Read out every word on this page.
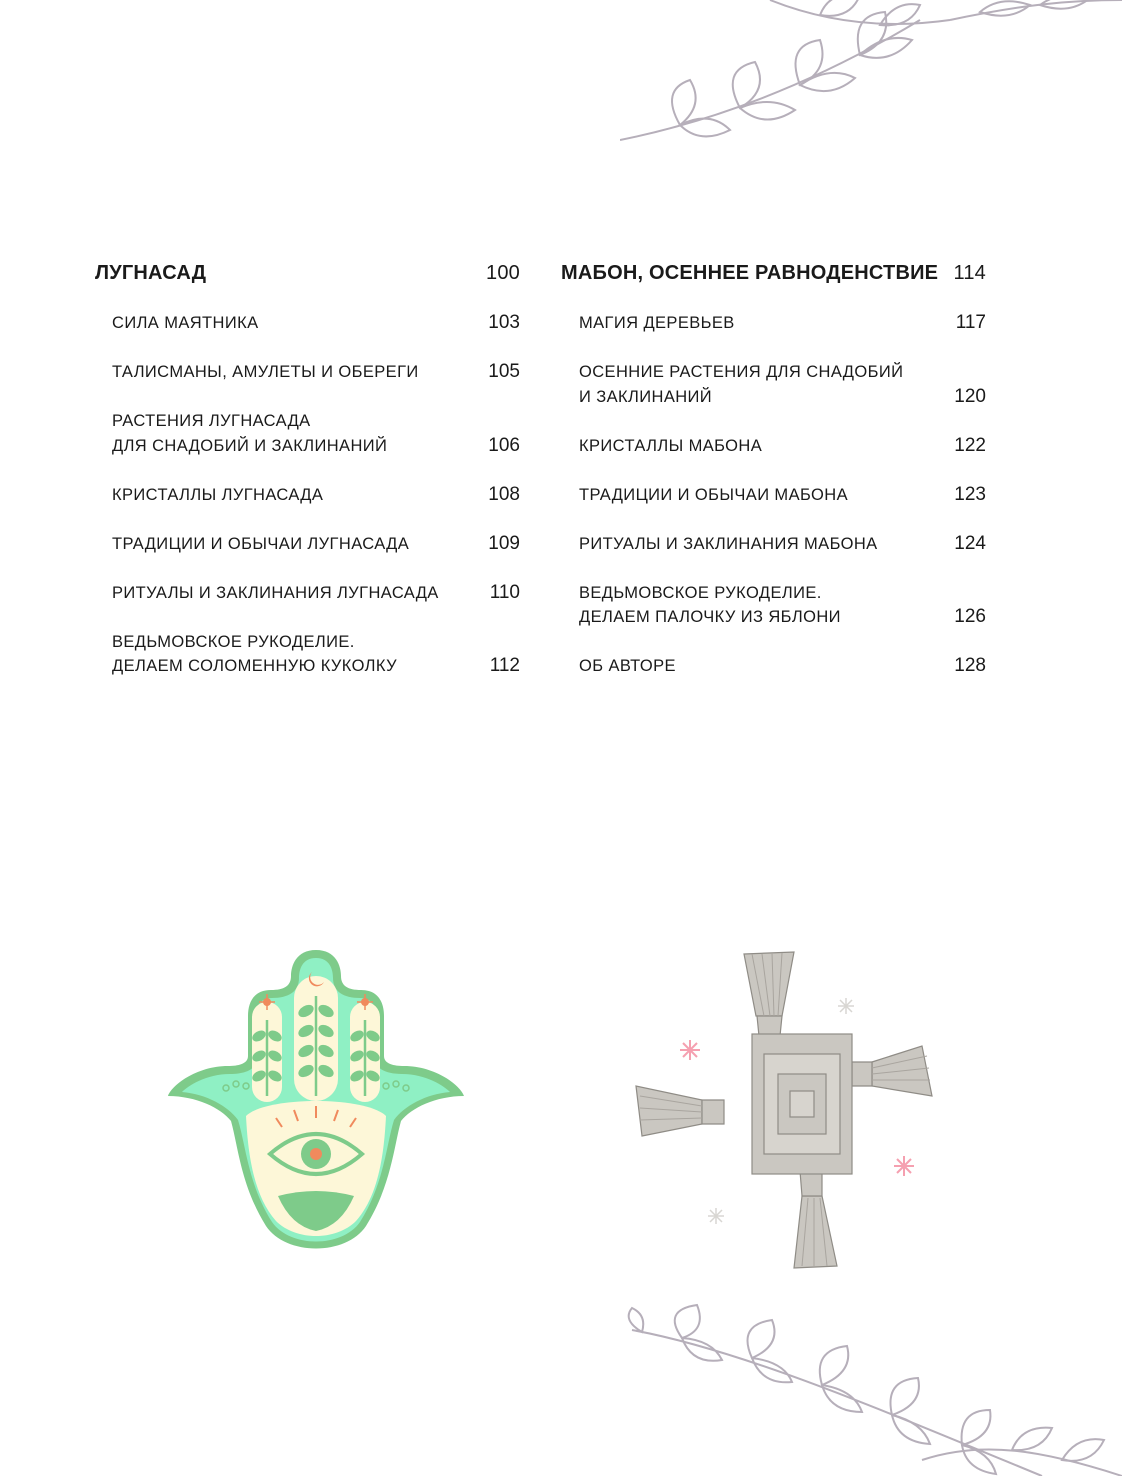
ЛУГНАСАД	100
СИЛА МАЯТНИКА	103
ТАЛИСМАНЫ, АМУЛЕТЫ И ОБЕРЕГИ	105
РАСТЕНИЯ ЛУГНАСАДА
ДЛЯ СНАДОБИЙ И ЗАКЛИНАНИЙ	106
КРИСТАЛЛЫ ЛУГНАСАДА	108
ТРАДИЦИИ И ОБЫЧАИ ЛУГНАСАДА	109
РИТУАЛЫ И ЗАКЛИНАНИЯ ЛУГНАСАДА	110
ВЕДЬМОВСКОЕ РУКОДЕЛИЕ.
ДЕЛАЕМ СОЛОМЕННУЮ КУКОЛКУ	112
МАБОН, ОСЕННЕЕ РАВНОДЕНСТВИЕ 114
МАГИЯ ДЕРЕВЬЕВ	117
ОСЕННИЕ РАСТЕНИЯ ДЛЯ СНАДОБИЙ
И ЗАКЛИНАНИЙ	120
КРИСТАЛЛЫ МАБОНА	122
ТРАДИЦИИ И ОБЫЧАИ МАБОНА	123
РИТУАЛЫ И ЗАКЛИНАНИЯ МАБОНА	124
ВЕДЬМОВСКОЕ РУКОДЕЛИЕ.
ДЕЛАЕМ ПАЛОЧКУ ИЗ ЯБЛОНИ	126
ОБ АВТОРЕ	128
